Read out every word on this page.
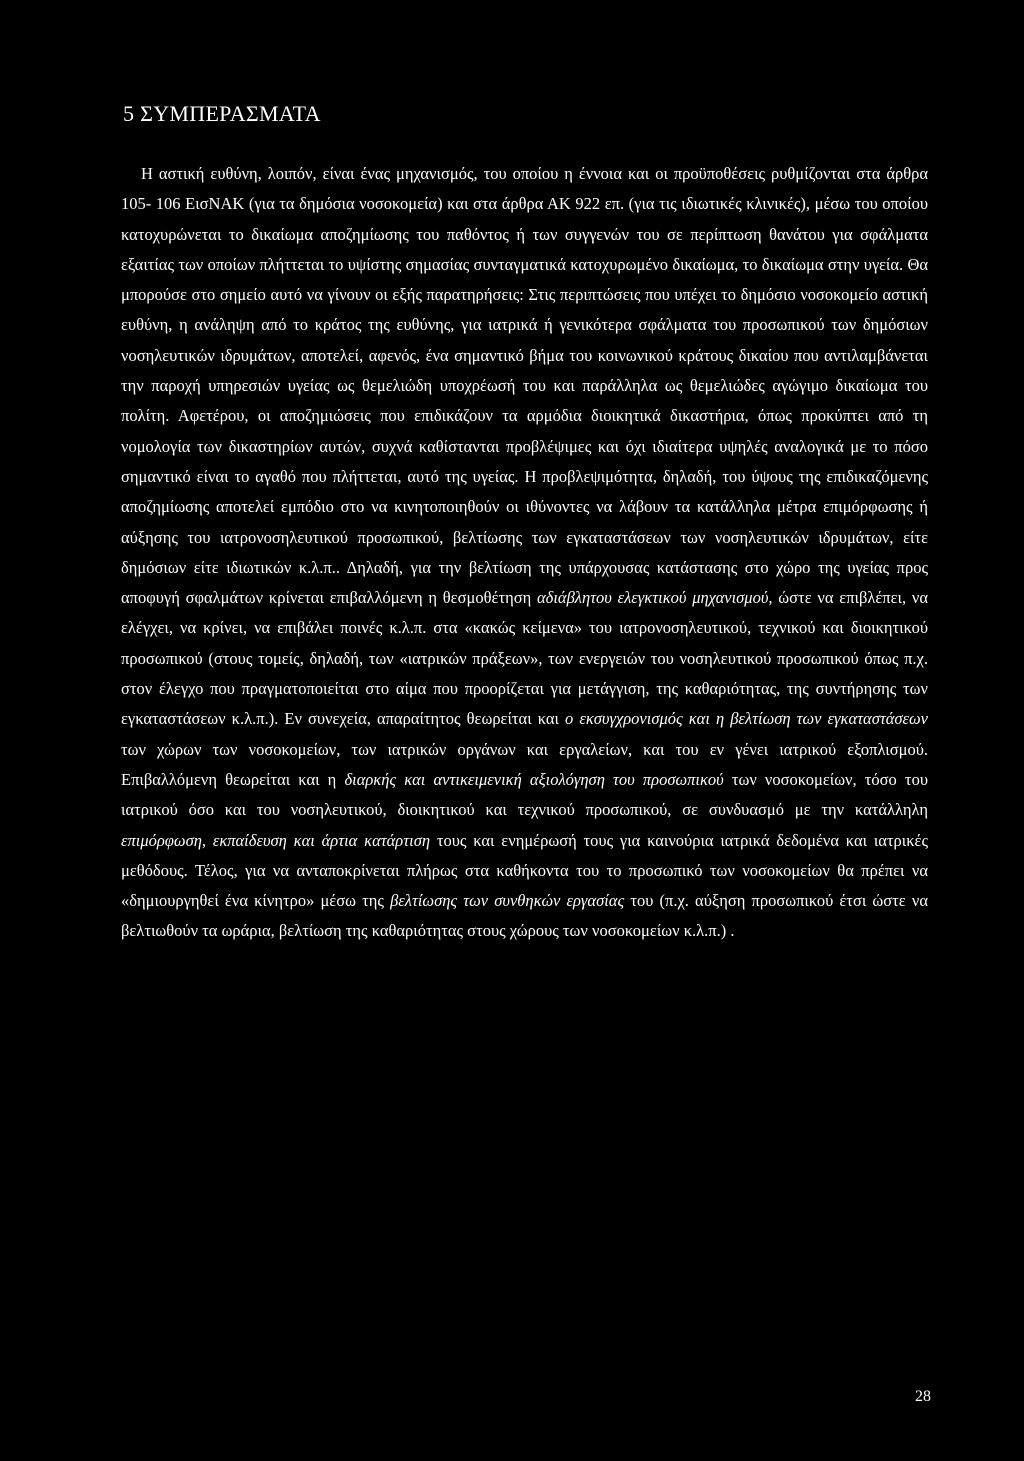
5 ΣΥΜΠΕΡΑΣΜΑΤΑ

Η αστική ευθύνη, λοιπόν, είναι ένας μηχανισμός, του οποίου η έννοια και οι προϋποθέσεις ρυθμίζονται στα άρθρα 105- 106 ΕισΝΑΚ (για τα δημόσια νοσοκομεία) και στα άρθρα ΑΚ 922 επ. (για τις ιδιωτικές κλινικές), μέσω του οποίου κατοχυρώνεται το δικαίωμα αποζημίωσης του παθόντος ή των συγγενών του σε περίπτωση θανάτου για σφάλματα εξαιτίας των οποίων πλήττεται το υψίστης σημασίας συνταγματικά κατοχυρωμένο δικαίωμα, το δικαίωμα στην υγεία. Θα μπορούσε στο σημείο αυτό να γίνουν οι εξής παρατηρήσεις: Στις περιπτώσεις που υπέχει το δημόσιο νοσοκομείο αστική ευθύνη, η ανάληψη από το κράτος της ευθύνης, για ιατρικά ή γενικότερα σφάλματα του προσωπικού των δημόσιων νοσηλευτικών ιδρυμάτων, αποτελεί, αφενός, ένα σημαντικό βήμα του κοινωνικού κράτους δικαίου που αντιλαμβάνεται την παροχή υπηρεσιών υγείας ως θεμελιώδη υποχρέωσή του και παράλληλα ως θεμελιώδες αγώγιμο δικαίωμα του πολίτη. Αφετέρου, οι αποζημιώσεις που επιδικάζουν τα αρμόδια διοικητικά δικαστήρια, όπως προκύπτει από τη νομολογία των δικαστηρίων αυτών, συχνά καθίστανται προβλέψιμες και όχι ιδιαίτερα υψηλές αναλογικά με το πόσο σημαντικό είναι το αγαθό που πλήττεται, αυτό της υγείας. Η προβλεψιμότητα, δηλαδή, του ύψους της επιδικαζόμενης αποζημίωσης αποτελεί εμπόδιο στο να κινητοποιηθούν οι ιθύνοντες να λάβουν τα κατάλληλα μέτρα επιμόρφωσης ή αύξησης του ιατρονοσηλευτικού προσωπικού, βελτίωσης των εγκαταστάσεων των νοσηλευτικών ιδρυμάτων, είτε δημόσιων είτε ιδιωτικών κ.λ.π.. Δηλαδή, για την βελτίωση της υπάρχουσας κατάστασης στο χώρο της υγείας προς αποφυγή σφαλμάτων κρίνεται επιβαλλόμενη η θεσμοθέτηση αδιάβλητου ελεγκτικού μηχανισμού, ώστε να επιβλέπει, να ελέγχει, να κρίνει, να επιβάλει ποινές κ.λ.π. στα «κακώς κείμενα» του ιατρονοσηλευτικού, τεχνικού και διοικητικού προσωπικού (στους τομείς, δηλαδή, των «ιατρικών πράξεων», των ενεργειών του νοσηλευτικού προσωπικού όπως π.χ. στον έλεγχο που πραγματοποιείται στο αίμα που προορίζεται για μετάγγιση, της καθαριότητας, της συντήρησης των εγκαταστάσεων κ.λ.π.). Εν συνεχεία, απαραίτητος θεωρείται και ο εκσυγχρονισμός και η βελτίωση των εγκαταστάσεων των χώρων των νοσοκομείων, των ιατρικών οργάνων και εργαλείων, και του εν γένει ιατρικού εξοπλισμού. Επιβαλλόμενη θεωρείται και η διαρκής και αντικειμενική αξιολόγηση του προσωπικού των νοσοκομείων, τόσο του ιατρικού όσο και του νοσηλευτικού, διοικητικού και τεχνικού προσωπικού, σε συνδυασμό με την κατάλληλη επιμόρφωση, εκπαίδευση και άρτια κατάρτιση τους και ενημέρωσή τους για καινούρια ιατρικά δεδομένα και ιατρικές μεθόδους. Τέλος, για να ανταποκρίνεται πλήρως στα καθήκοντα του το προσωπικό των νοσοκομείων θα πρέπει να «δημιουργηθεί ένα κίνητρο» μέσω της βελτίωσης των συνθηκών εργασίας του (π.χ. αύξηση προσωπικού έτσι ώστε να βελτιωθούν τα ωράρια, βελτίωση της καθαριότητας στους χώρους των νοσοκομείων κ.λ.π.) .

28
